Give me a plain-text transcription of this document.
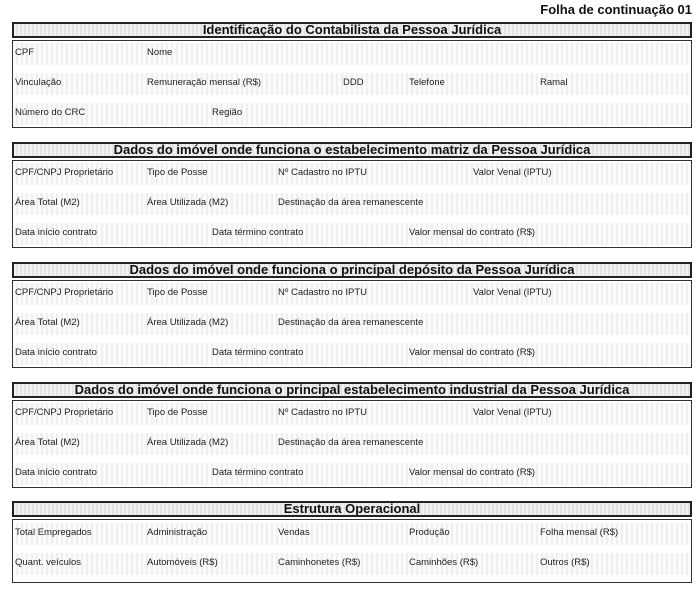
Folha de continuação 01
Identificação do Contabilista da Pessoa Jurídica
CPF	Nome
Vinculação	Remuneração mensal (R$)	DDD	Telefone	Ramal
Número do CRC	Região
Dados do imóvel onde funciona o estabelecimento matriz da Pessoa Jurídica
CPF/CNPJ Proprietário	Tipo de Posse	Nº Cadastro no IPTU	Valor Venal (IPTU)
Área Total (M2)	Área Utilizada (M2)	Destinação da área remanescente
Data início contrato	Data término contrato	Valor mensal do contrato (R$)
Dados do imóvel onde funciona o principal depósito da Pessoa Jurídica
CPF/CNPJ Proprietário	Tipo de Posse	Nº Cadastro no IPTU	Valor Venal (IPTU)
Área Total (M2)	Área Utilizada (M2)	Destinação da área remanescente
Data início contrato	Data término contrato	Valor mensal do contrato (R$)
Dados do imóvel onde funciona o principal estabelecimento industrial da Pessoa Jurídica
CPF/CNPJ Proprietário	Tipo de Posse	Nº Cadastro no IPTU	Valor Venal (IPTU)
Área Total (M2)	Área Utilizada (M2)	Destinação da área remanescente
Data início contrato	Data término contrato	Valor mensal do contrato (R$)
Estrutura Operacional
Total Empregados	Administração	Vendas	Produção	Folha mensal (R$)
Quant. veículos	Automóveis (R$)	Caminhonetes (R$)	Caminhões (R$)	Outros (R$)
